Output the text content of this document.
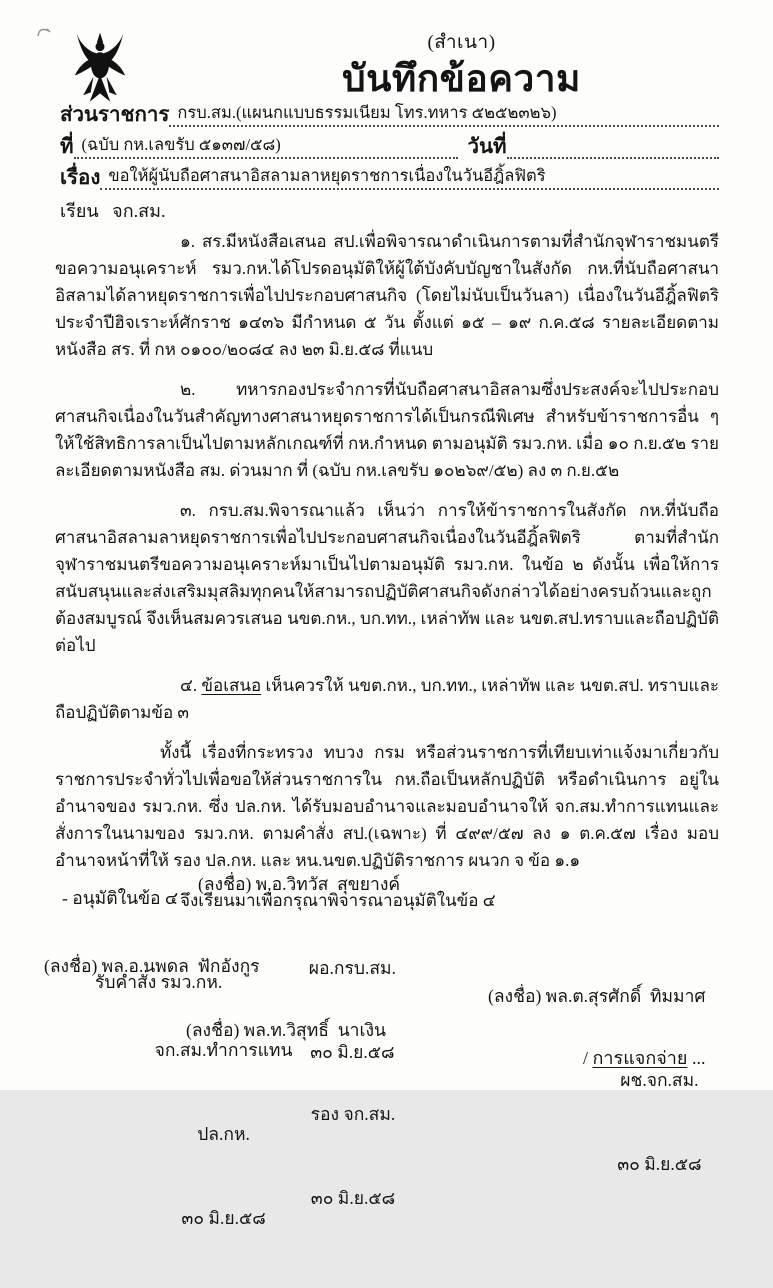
(สำเนา)
บันทึกข้อความ
ส่วนราชการ กรบ.สม.(แผนกแบบธรรมเนียม โทร.ทหาร ๕๒๕๒๓๒๖)
ที่ (ฉบับ กห.เลขรับ ๕๑๓๗/๕๘)	วันที่
เรื่อง ขอให้ผู้นับถือศาสนาอิสลามลาหยุดราชการเนื่องในวันอีฎิ้ลฟิตริ
เรียน จก.สม.

๑. สร.มีหนังสือเสนอ สป.เพื่อพิจารณาดำเนินการตามที่สำนักจุฬาราชมนตรีขอความอนุเคราะห์ รมว.กห.ได้โปรดอนุมัติให้ผู้ใต้บังคับบัญชาในสังกัด กห.ที่นับถือศาสนาอิสลามได้ลาหยุดราชการเพื่อไปประกอบศาสนกิจ (โดยไม่นับเป็นวันลา) เนื่องในวันอีฎิ้ลฟิตริ ประจำปีฮิจเราะห์ศักราช ๑๔๓๖ มีกำหนด ๕ วัน ตั้งแต่ ๑๕ – ๑๙ ก.ค.๕๘ รายละเอียดตามหนังสือ สร. ที่ กห ๐๑๐๐/๒๐๘๔ ลง ๒๓ มิ.ย.๕๘ ที่แนบ

๒. ทหารกองประจำการที่นับถือศาสนาอิสลามซึ่งประสงค์จะไปประกอบศาสนกิจเนื่องในวันสำคัญทางศาสนาหยุดราชการได้เป็นกรณีพิเศษ สำหรับข้าราชการอื่น ๆ ให้ใช้สิทธิการลาเป็นไปตามหลักเกณฑ์ที่ กห.กำหนด ตามอนุมัติ รมว.กห. เมื่อ ๑๐ ก.ย.๕๒ รายละเอียดตามหนังสือ สม. ด่วนมาก ที่ (ฉบับ กห.เลขรับ ๑๐๒๖๙/๕๒) ลง ๓ ก.ย.๕๒

๓. กรบ.สม.พิจารณาแล้ว เห็นว่า การให้ข้าราชการในสังกัด กห.ที่นับถือศาสนาอิสลามลาหยุดราชการเพื่อไปประกอบศาสนกิจเนื่องในวันอีฎิ้ลฟิตริ ตามที่สำนักจุฬาราชมนตรีขอความอนุเคราะห์มาเป็นไปตามอนุมัติ รมว.กห. ในข้อ ๒ ดังนั้น เพื่อให้การสนับสนุนและส่งเสริมมุสลิมทุกคนให้สามารถปฏิบัติศาสนกิจดังกล่าวได้อย่างครบถ้วนและถูกต้องสมบูรณ์ จึงเห็นสมควรเสนอ นขต.กห., บก.ทท., เหล่าทัพ และ นขต.สป.ทราบและถือปฏิบัติต่อไป

๔. ข้อเสนอ เห็นควรให้ นขต.กห., บก.ทท., เหล่าทัพ และ นขต.สป. ทราบและถือปฏิบัติตามข้อ ๓

ทั้งนี้ เรื่องที่กระทรวง ทบวง กรม หรือส่วนราชการที่เทียบเท่าแจ้งมาเกี่ยวกับราชการประจำทั่วไปเพื่อขอให้ส่วนราชการใน กห.ถือเป็นหลักปฏิบัติ หรือดำเนินการ อยู่ในอำนาจของ รมว.กห. ซึ่ง ปล.กห. ได้รับมอบอำนาจและมอบอำนาจให้ จก.สม.ทำการแทนและสั่งการในนามของ รมว.กห. ตามคำสั่ง สป.(เฉพาะ) ที่ ๔๙๙/๕๗ ลง ๑ ต.ค.๕๗ เรื่อง มอบอำนาจหน้าที่ให้ รอง ปล.กห. และ หน.นขต.ปฏิบัติราชการ ผนวก จ ข้อ ๑.๑

จึงเรียนมาเพื่อกรุณาพิจารณาอนุมัติในข้อ ๔

- อนุมัติในข้อ ๔

รับคำสั่ง รมว.กห.

(ลงชื่อ) พ.อ.วิทวัส  สุขยางค์

ผอ.กรบ.สม.

๓๐ มิ.ย.๕๘

(ลงชื่อ) พล.อ.นพดล  ฟักอังกูร

จก.สม.ทำการแทน

ปล.กห.

๓๐ มิ.ย.๕๘

(ลงชื่อ) พล.ท.วิสุทธิ์  นาเงิน

รอง จก.สม.

๓๐ มิ.ย.๕๘

(ลงชื่อ) พล.ต.สุรศักดิ์  ทิมมาศ

ผช.จก.สม.

๓๐ มิ.ย.๕๘

/ การแจกจ่าย ...
